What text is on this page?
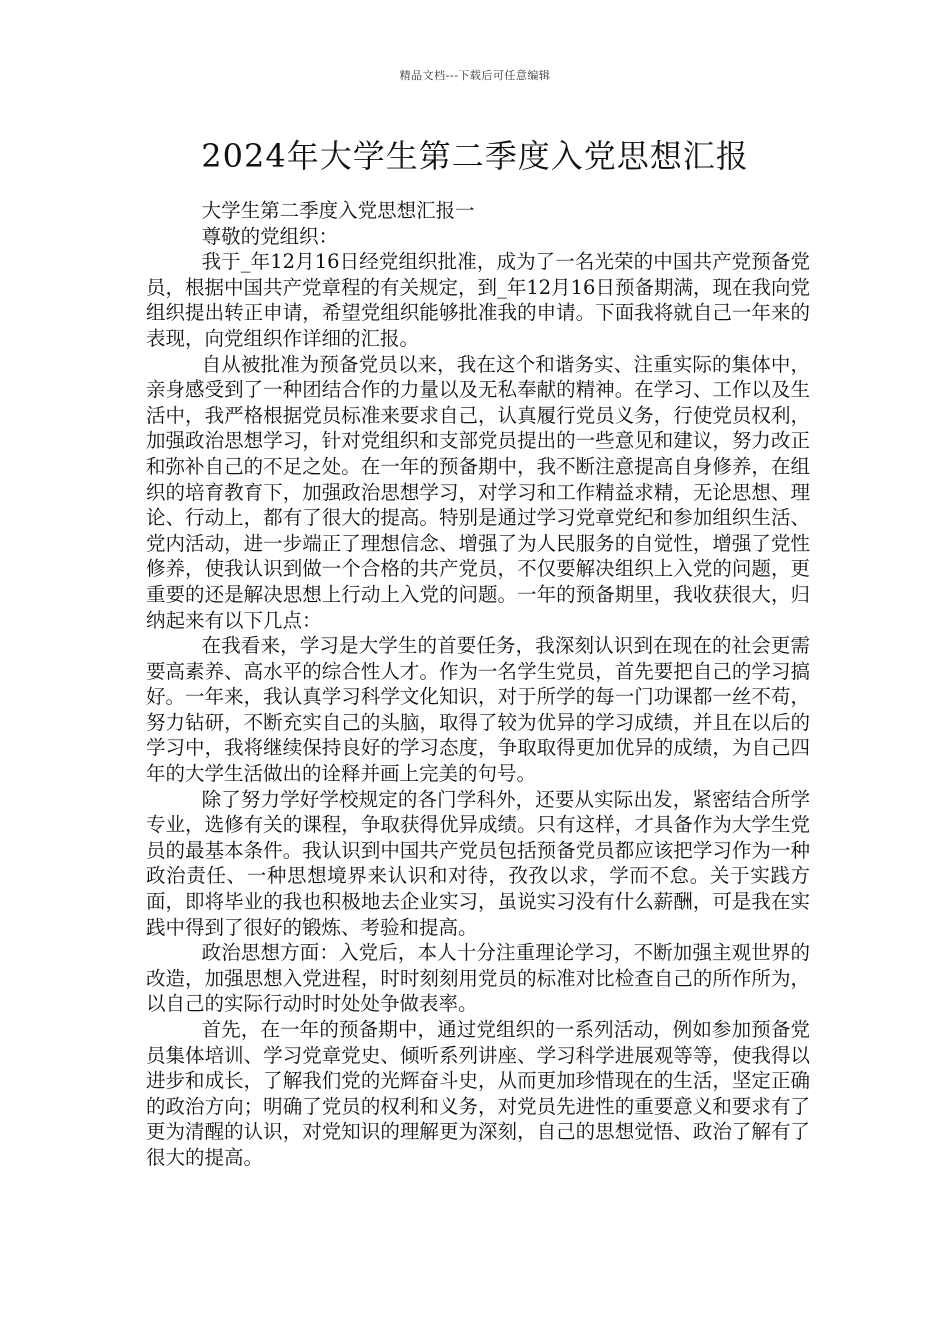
精品文档---下载后可任意编辑
2024年大学生第二季度入党思想汇报

大学生第二季度入党思想汇报一

尊敬的党组织：

我于_年12月16日经党组织批准，成为了一名光荣的中国共产党预备党员，根据中国共产党章程的有关规定，到_年12月16日预备期满，现在我向党组织提出转正申请，希望党组织能够批准我的申请。下面我将就自己一年来的表现，向党组织作详细的汇报。

自从被批准为预备党员以来，我在这个和谐务实、注重实际的集体中，亲身感受到了一种团结合作的力量以及无私奉献的精神。在学习、工作以及生活中，我严格根据党员标准来要求自己，认真履行党员义务，行使党员权利，加强政治思想学习，针对党组织和支部党员提出的一些意见和建议，努力改正和弥补自己的不足之处。在一年的预备期中，我不断注意提高自身修养，在组织的培育教育下，加强政治思想学习，对学习和工作精益求精，无论思想、理论、行动上，都有了很大的提高。特别是通过学习党章党纪和参加组织生活、党内活动，进一步端正了理想信念、增强了为人民服务的自觉性，增强了党性修养，使我认识到做一个合格的共产党员，不仅要解决组织上入党的问题，更重要的还是解决思想上行动上入党的问题。一年的预备期里，我收获很大，归纳起来有以下几点：

在我看来，学习是大学生的首要任务，我深刻认识到在现在的社会更需要高素养、高水平的综合性人才。作为一名学生党员，首先要把自己的学习搞好。一年来，我认真学习科学文化知识，对于所学的每一门功课都一丝不苟，努力钻研，不断充实自己的头脑，取得了较为优异的学习成绩，并且在以后的学习中，我将继续保持良好的学习态度，争取取得更加优异的成绩，为自己四年的大学生活做出的诠释并画上完美的句号。

除了努力学好学校规定的各门学科外，还要从实际出发，紧密结合所学专业，选修有关的课程，争取获得优异成绩。只有这样，才具备作为大学生党员的最基本条件。我认识到中国共产党员包括预备党员都应该把学习作为一种政治责任、一种思想境界来认识和对待，孜孜以求，学而不怠。关于实践方面，即将毕业的我也积极地去企业实习，虽说实习没有什么薪酬，可是我在实践中得到了很好的锻炼、考验和提高。

政治思想方面：入党后，本人十分注重理论学习，不断加强主观世界的改造，加强思想入党进程，时时刻刻用党员的标准对比检查自己的所作所为，以自己的实际行动时时处处争做表率。

首先，在一年的预备期中，通过党组织的一系列活动，例如参加预备党员集体培训、学习党章党史、倾听系列讲座、学习科学进展观等等，使我得以进步和成长，了解我们党的光辉奋斗史，从而更加珍惜现在的生活，坚定正确的政治方向；明确了党员的权利和义务，对党员先进性的重要意义和要求有了更为清醒的认识，对党知识的理解更为深刻，自己的思想觉悟、政治了解有了很大的提高。
